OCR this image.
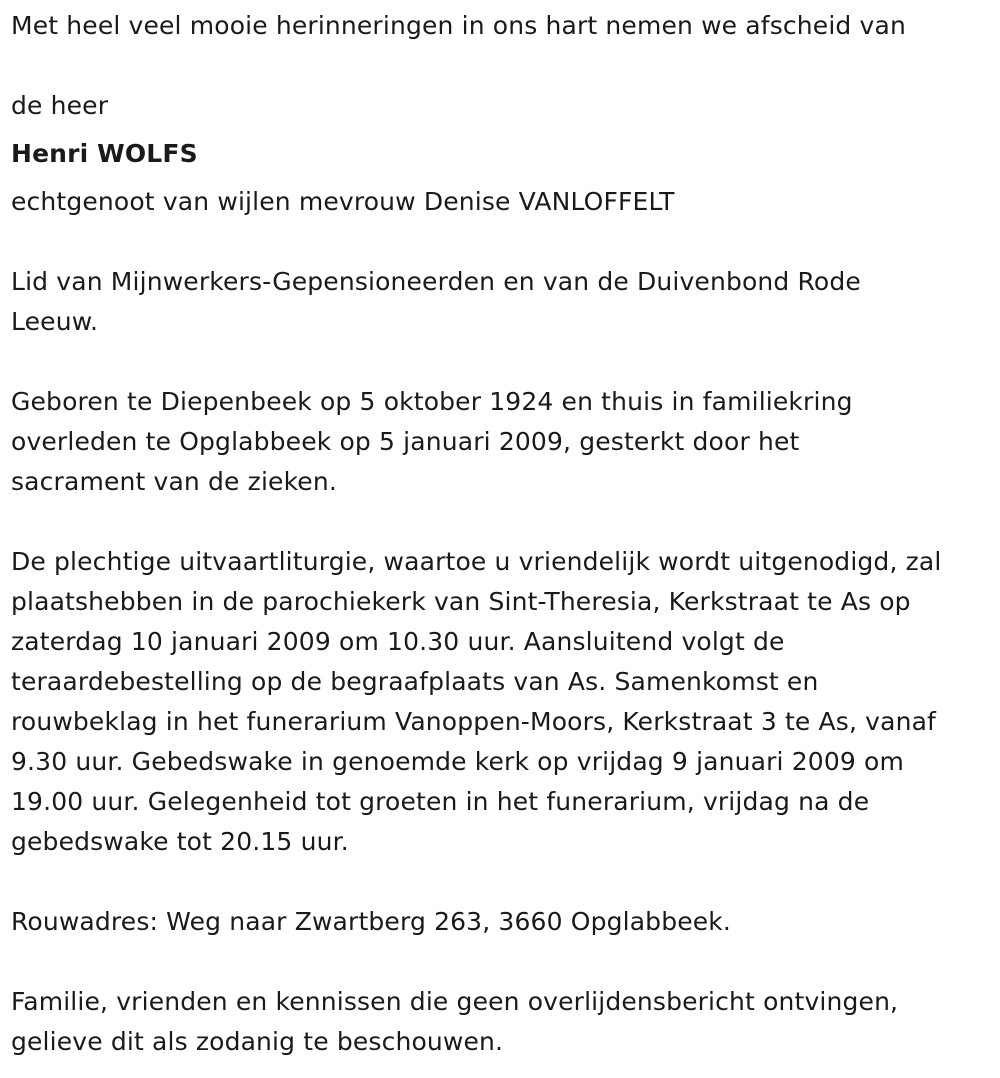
Met heel veel mooie herinneringen in ons hart nemen we afscheid van
de heer
Henri WOLFS
echtgenoot van wijlen mevrouw Denise VANLOFFELT
Lid van Mijnwerkers-Gepensioneerden en van de Duivenbond Rode
Leeuw.
Geboren te Diepenbeek op 5 oktober 1924 en thuis in familiekring
overleden te Opglabbeek op 5 januari 2009, gesterkt door het
sacrament van de zieken.
De plechtige uitvaartliturgie, waartoe u vriendelijk wordt uitgenodigd, zal
plaatshebben in de parochiekerk van Sint-Theresia, Kerkstraat te As op
zaterdag 10 januari 2009 om 10.30 uur. Aansluitend volgt de
teraardebestelling op de begraafplaats van As. Samenkomst en
rouwbeklag in het funerarium Vanoppen-Moors, Kerkstraat 3 te As, vanaf
9.30 uur. Gebedswake in genoemde kerk op vrijdag 9 januari 2009 om
19.00 uur. Gelegenheid tot groeten in het funerarium, vrijdag na de
gebedswake tot 20.15 uur.
Rouwadres: Weg naar Zwartberg 263, 3660 Opglabbeek.
Familie, vrienden en kennissen die geen overlijdensbericht ontvingen,
gelieve dit als zodanig te beschouwen.
